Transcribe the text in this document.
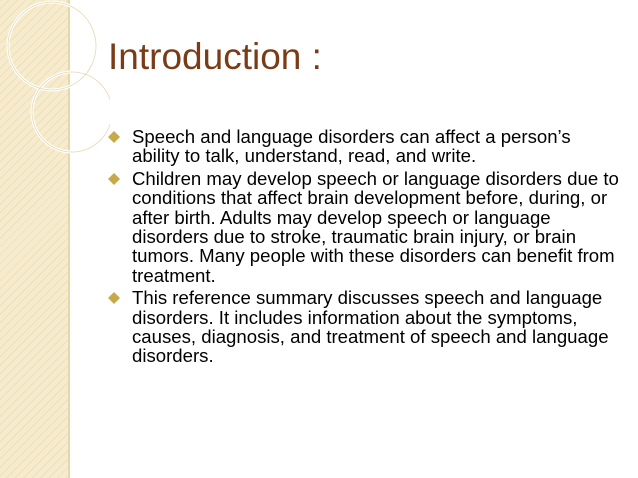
Introduction :
Speech and language disorders can affect a person’s ability to talk, understand, read, and write.
Children may develop speech or language disorders due to conditions that affect brain development before, during, or after birth. Adults may develop speech or language disorders due to stroke, traumatic brain injury, or brain tumors. Many people with these disorders can benefit from treatment.
This reference summary discusses speech and language disorders. It includes information about the symptoms, causes, diagnosis, and treatment of speech and language disorders.
